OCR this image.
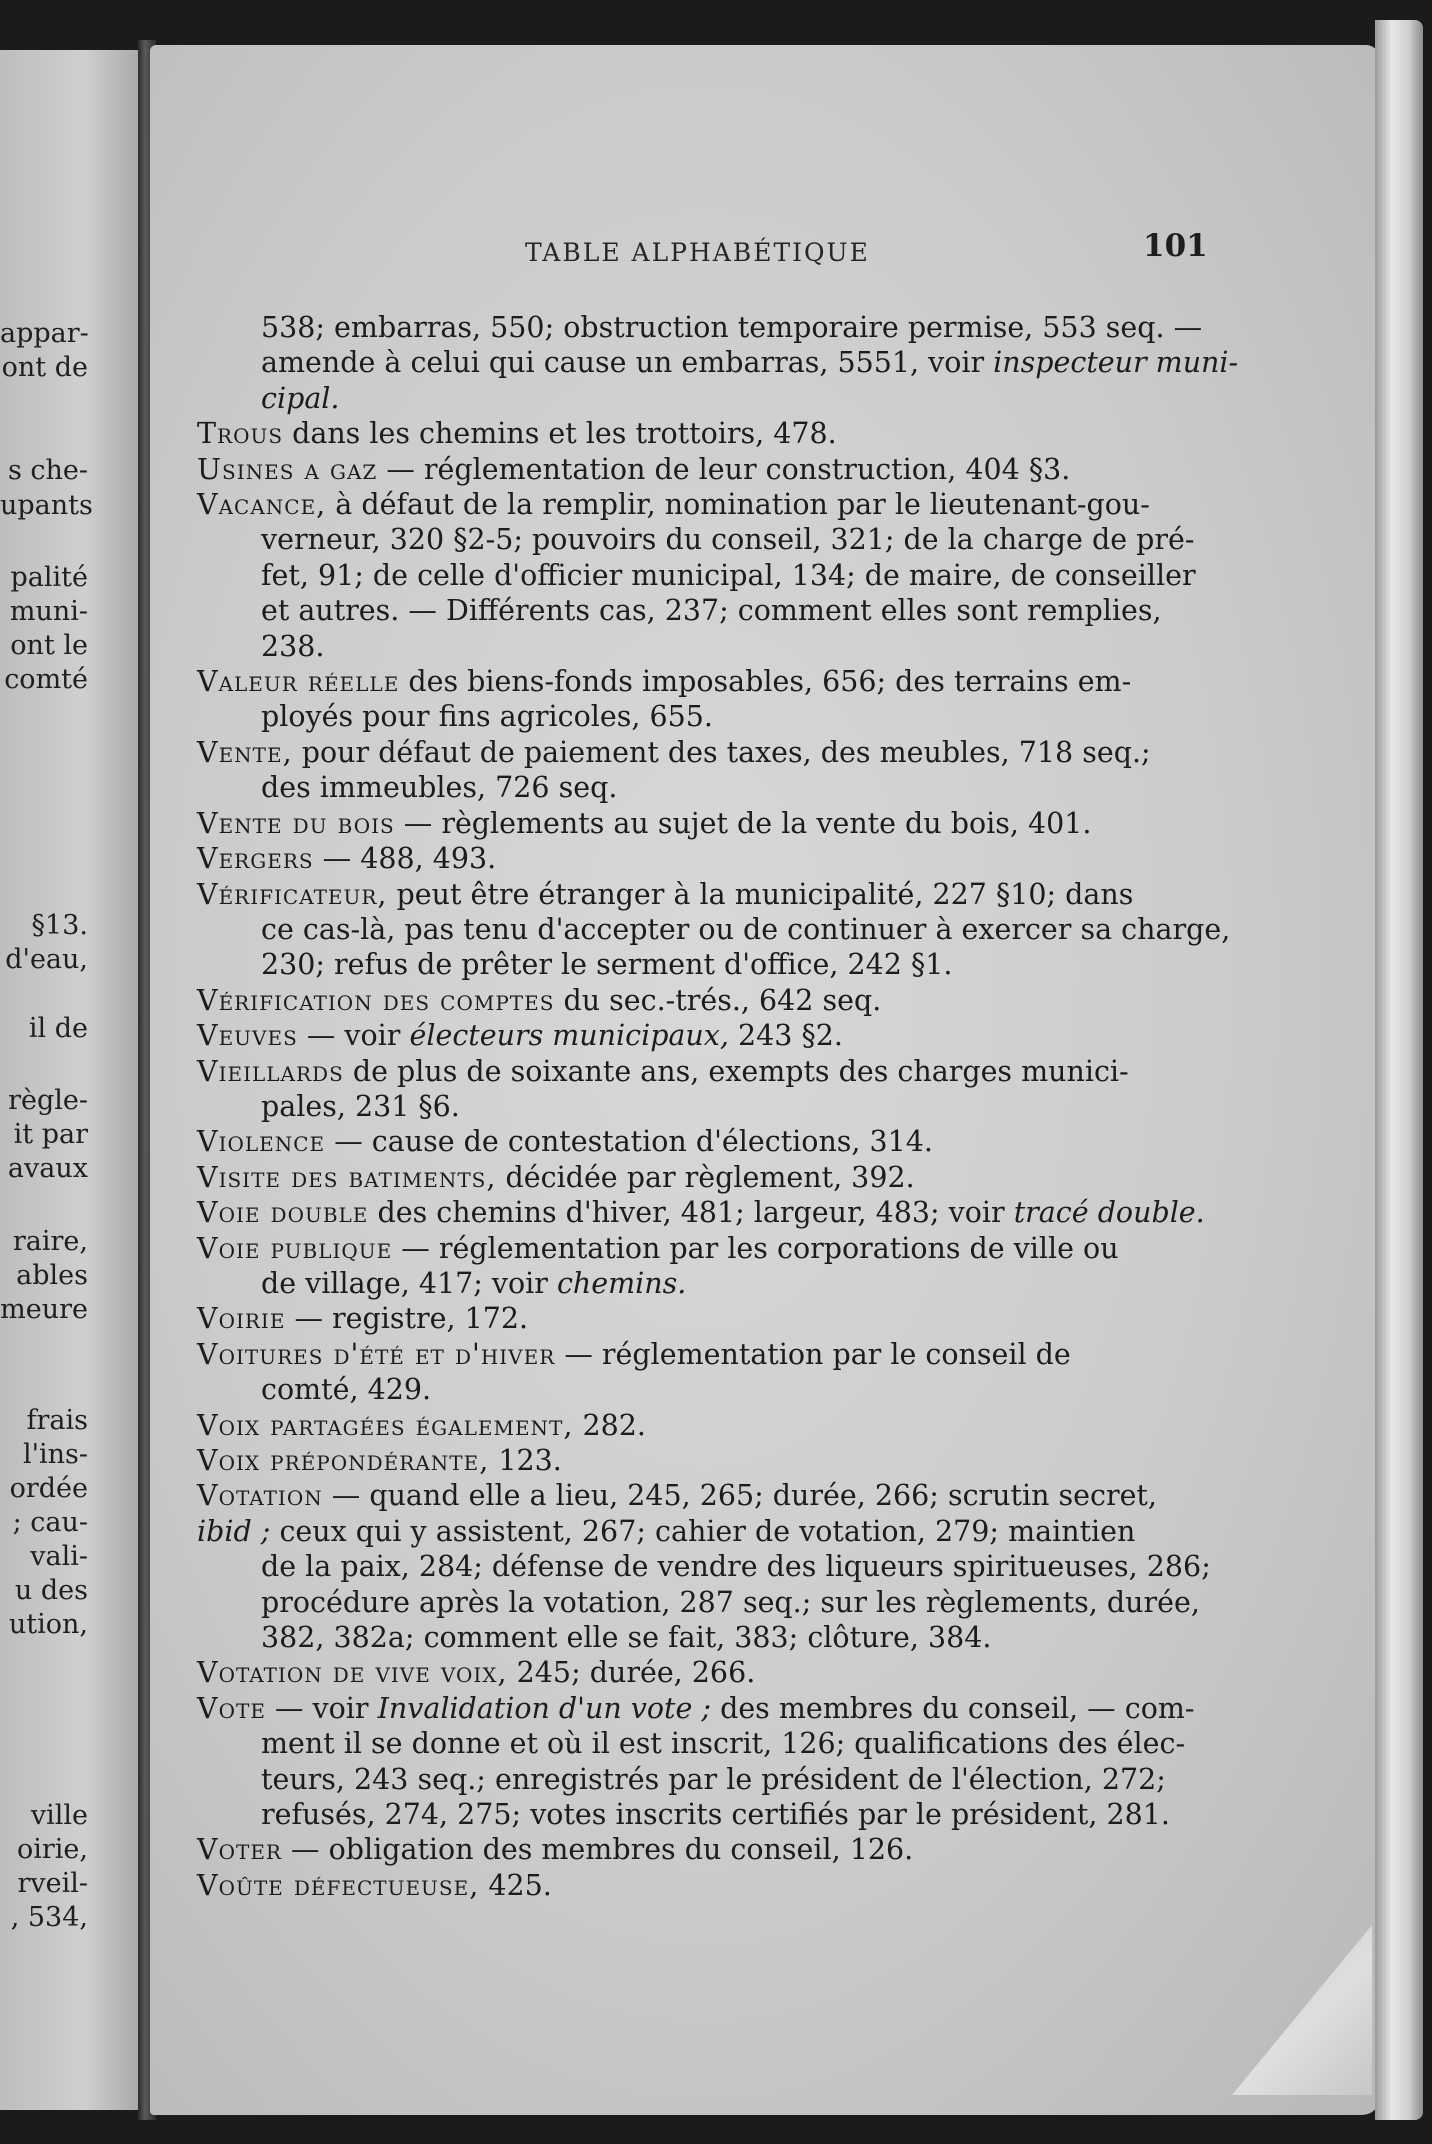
appar-
ont de
s che-
upants
palité
muni-
ont le
comté
§13.
d'eau,
il de
règle-
it par
avaux
raire,
ables
meure
frais
l'ins-
ordée
; cau-
vali-
u des
ution,
ville
oirie,
rveil-
, 534,
TABLE ALPHABÉTIQUE	101
538; embarras, 550; obstruction temporaire permise, 553 seq. —
amende à celui qui cause un embarras, 5551, voir inspecteur muni-
cipal.
Trous dans les chemins et les trottoirs, 478.
Usines a gaz — réglementation de leur construction, 404 §3.
Vacance, à défaut de la remplir, nomination par le lieutenant-gou-
verneur, 320 §2-5; pouvoirs du conseil, 321; de la charge de pré-
fet, 91; de celle d'officier municipal, 134; de maire, de conseiller
et autres. — Différents cas, 237; comment elles sont remplies,
238.
Valeur réelle des biens-fonds imposables, 656; des terrains em-
ployés pour fins agricoles, 655.
Vente, pour défaut de paiement des taxes, des meubles, 718 seq.;
des immeubles, 726 seq.
Vente du bois — règlements au sujet de la vente du bois, 401.
Vergers — 488, 493.
Vérificateur, peut être étranger à la municipalité, 227 §10; dans
ce cas-là, pas tenu d'accepter ou de continuer à exercer sa charge,
230; refus de prêter le serment d'office, 242 §1.
Vérification des comptes du sec.-trés., 642 seq.
Veuves — voir électeurs municipaux, 243 §2.
Vieillards de plus de soixante ans, exempts des charges munici-
pales, 231 §6.
Violence — cause de contestation d'élections, 314.
Visite des batiments, décidée par règlement, 392.
Voie double des chemins d'hiver, 481; largeur, 483; voir tracé double.
Voie publique — réglementation par les corporations de ville ou
de village, 417; voir chemins.
Voirie — registre, 172.
Voitures d'été et d'hiver — réglementation par le conseil de
comté, 429.
Voix partagées également, 282.
Voix prépondérante, 123.
Votation — quand elle a lieu, 245, 265; durée, 266; scrutin secret,
ibid ; ceux qui y assistent, 267; cahier de votation, 279; maintien
de la paix, 284; défense de vendre des liqueurs spiritueuses, 286;
procédure après la votation, 287 seq.; sur les règlements, durée,
382, 382a; comment elle se fait, 383; clôture, 384.
Votation de vive voix, 245; durée, 266.
Vote — voir Invalidation d'un vote ; des membres du conseil, — com-
ment il se donne et où il est inscrit, 126; qualifications des élec-
teurs, 243 seq.; enregistrés par le président de l'élection, 272;
refusés, 274, 275; votes inscrits certifiés par le président, 281.
Voter — obligation des membres du conseil, 126.
Voûte défectueuse, 425.
